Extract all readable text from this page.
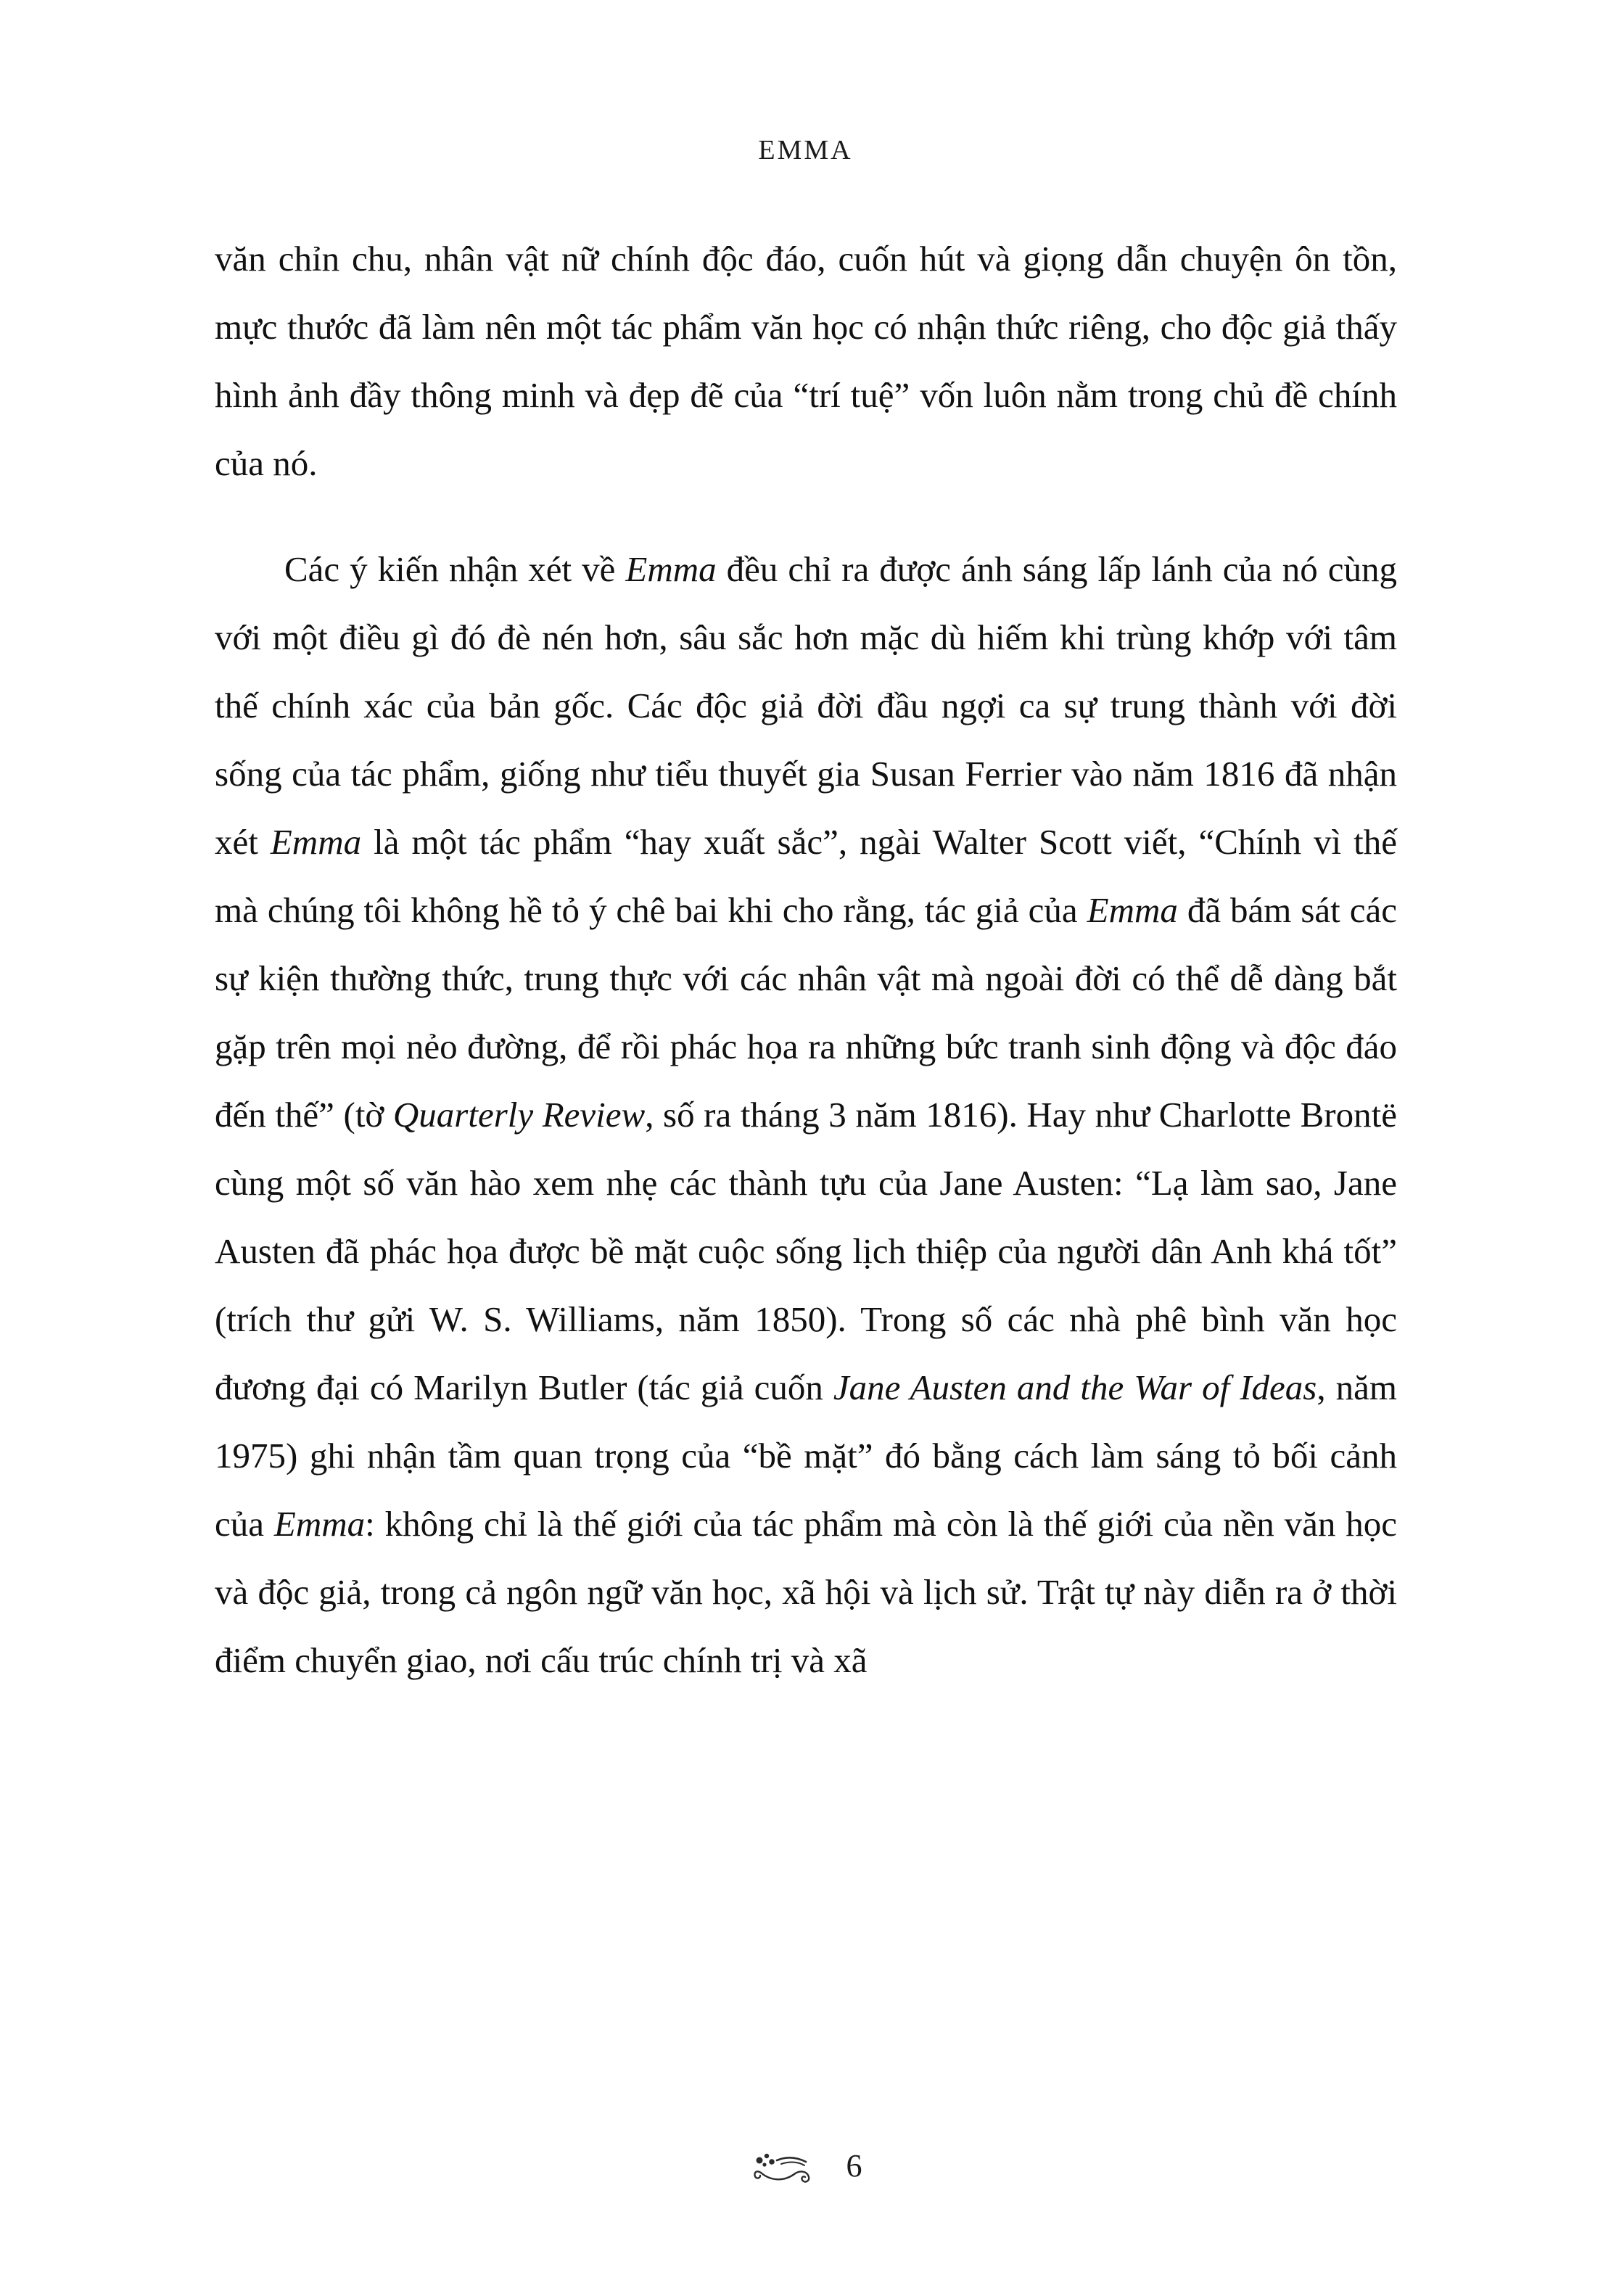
EMMA

văn chỉn chu, nhân vật nữ chính độc đáo, cuốn hút và giọng dẫn chuyện ôn tồn, mực thước đã làm nên một tác phẩm văn học có nhận thức riêng, cho độc giả thấy hình ảnh đầy thông minh và đẹp đẽ của “trí tuệ” vốn luôn nằm trong chủ đề chính của nó.

Các ý kiến nhận xét về Emma đều chỉ ra được ánh sáng lấp lánh của nó cùng với một điều gì đó đè nén hơn, sâu sắc hơn mặc dù hiếm khi trùng khớp với tâm thế chính xác của bản gốc. Các độc giả đời đầu ngợi ca sự trung thành với đời sống của tác phẩm, giống như tiểu thuyết gia Susan Ferrier vào năm 1816 đã nhận xét Emma là một tác phẩm “hay xuất sắc”, ngài Walter Scott viết, “Chính vì thế mà chúng tôi không hề tỏ ý chê bai khi cho rằng, tác giả của Emma đã bám sát các sự kiện thường thức, trung thực với các nhân vật mà ngoài đời có thể dễ dàng bắt gặp trên mọi nẻo đường, để rồi phác họa ra những bức tranh sinh động và độc đáo đến thế” (tờ Quarterly Review, số ra tháng 3 năm 1816). Hay như Charlotte Brontë cùng một số văn hào xem nhẹ các thành tựu của Jane Austen: “Lạ làm sao, Jane Austen đã phác họa được bề mặt cuộc sống lịch thiệp của người dân Anh khá tốt” (trích thư gửi W. S. Williams, năm 1850). Trong số các nhà phê bình văn học đương đại có Marilyn Butler (tác giả cuốn Jane Austen and the War of Ideas, năm 1975) ghi nhận tầm quan trọng của “bề mặt” đó bằng cách làm sáng tỏ bối cảnh của Emma: không chỉ là thế giới của tác phẩm mà còn là thế giới của nền văn học và độc giả, trong cả ngôn ngữ văn học, xã hội và lịch sử. Trật tự này diễn ra ở thời điểm chuyển giao, nơi cấu trúc chính trị và xã

6
